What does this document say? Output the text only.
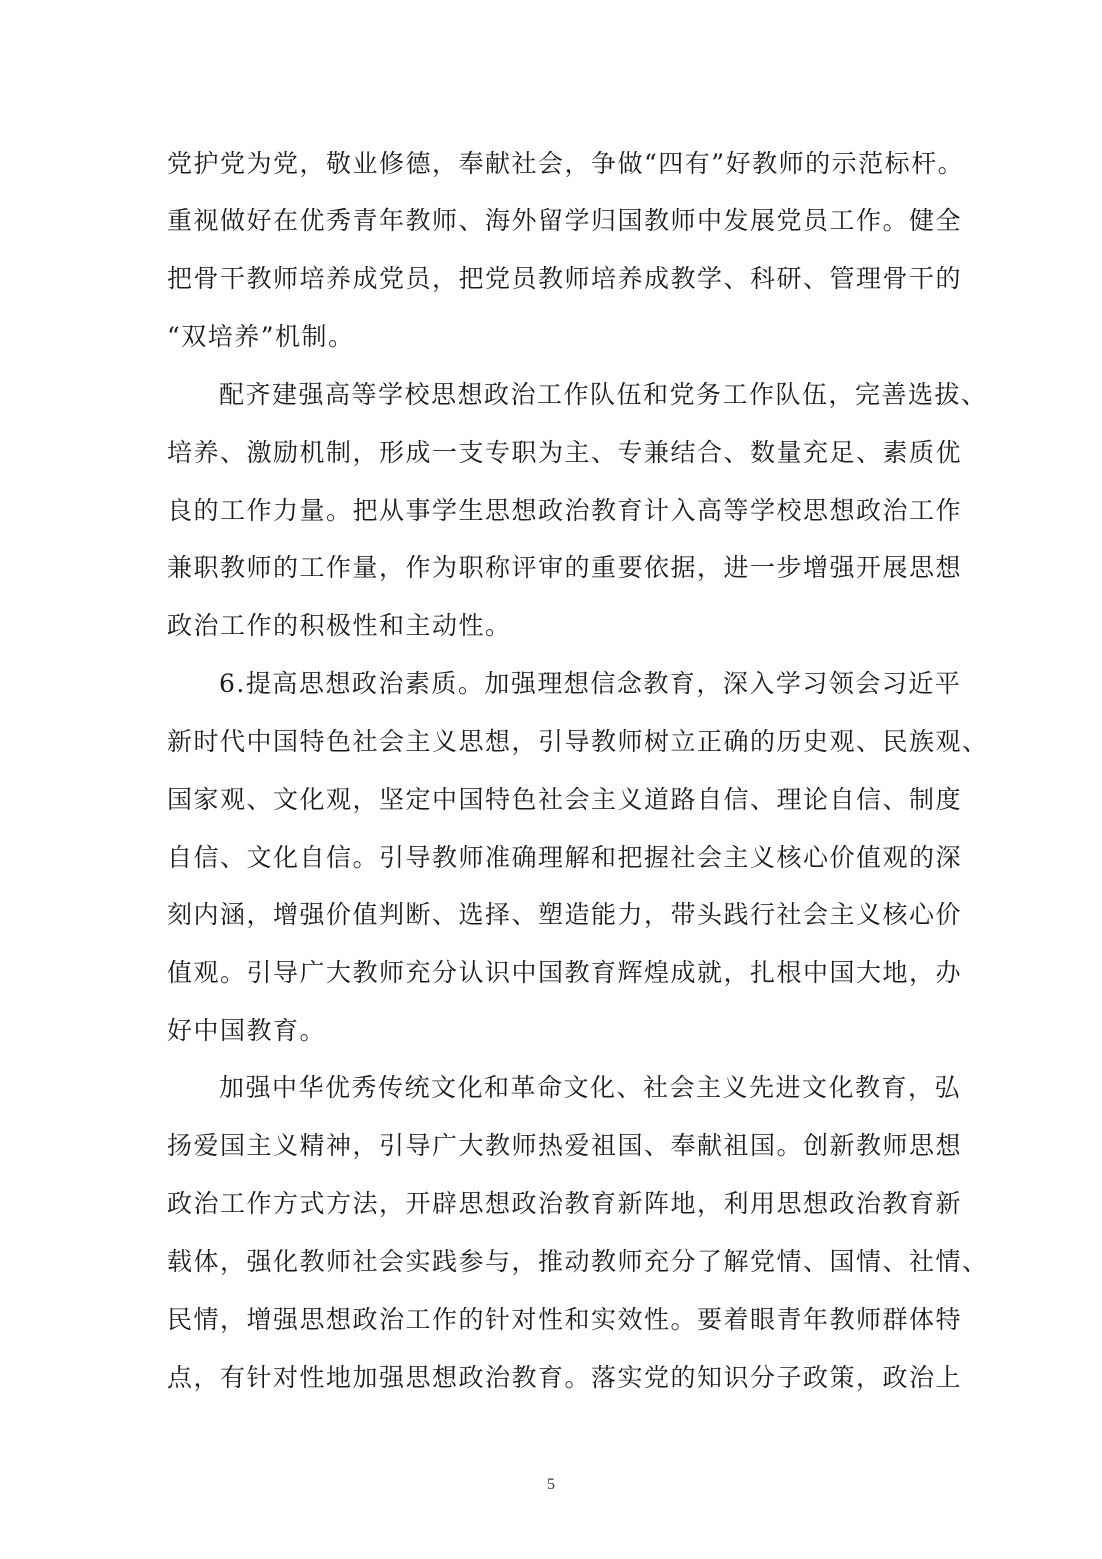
党护党为党，敬业修德，奉献社会，争做“四有”好教师的示范标杆。
重视做好在优秀青年教师、海外留学归国教师中发展党员工作。健全
把骨干教师培养成党员，把党员教师培养成教学、科研、管理骨干的
“双培养”机制。
配齐建强高等学校思想政治工作队伍和党务工作队伍，完善选拔、
培养、激励机制，形成一支专职为主、专兼结合、数量充足、素质优
良的工作力量。把从事学生思想政治教育计入高等学校思想政治工作
兼职教师的工作量，作为职称评审的重要依据，进一步增强开展思想
政治工作的积极性和主动性。
6.提高思想政治素质。加强理想信念教育，深入学习领会习近平
新时代中国特色社会主义思想，引导教师树立正确的历史观、民族观、
国家观、文化观，坚定中国特色社会主义道路自信、理论自信、制度
自信、文化自信。引导教师准确理解和把握社会主义核心价值观的深
刻内涵，增强价值判断、选择、塑造能力，带头践行社会主义核心价
值观。引导广大教师充分认识中国教育辉煌成就，扎根中国大地，办
好中国教育。
加强中华优秀传统文化和革命文化、社会主义先进文化教育，弘
扬爱国主义精神，引导广大教师热爱祖国、奉献祖国。创新教师思想
政治工作方式方法，开辟思想政治教育新阵地，利用思想政治教育新
载体，强化教师社会实践参与，推动教师充分了解党情、国情、社情、
民情，增强思想政治工作的针对性和实效性。要着眼青年教师群体特
点，有针对性地加强思想政治教育。落实党的知识分子政策，政治上
5
